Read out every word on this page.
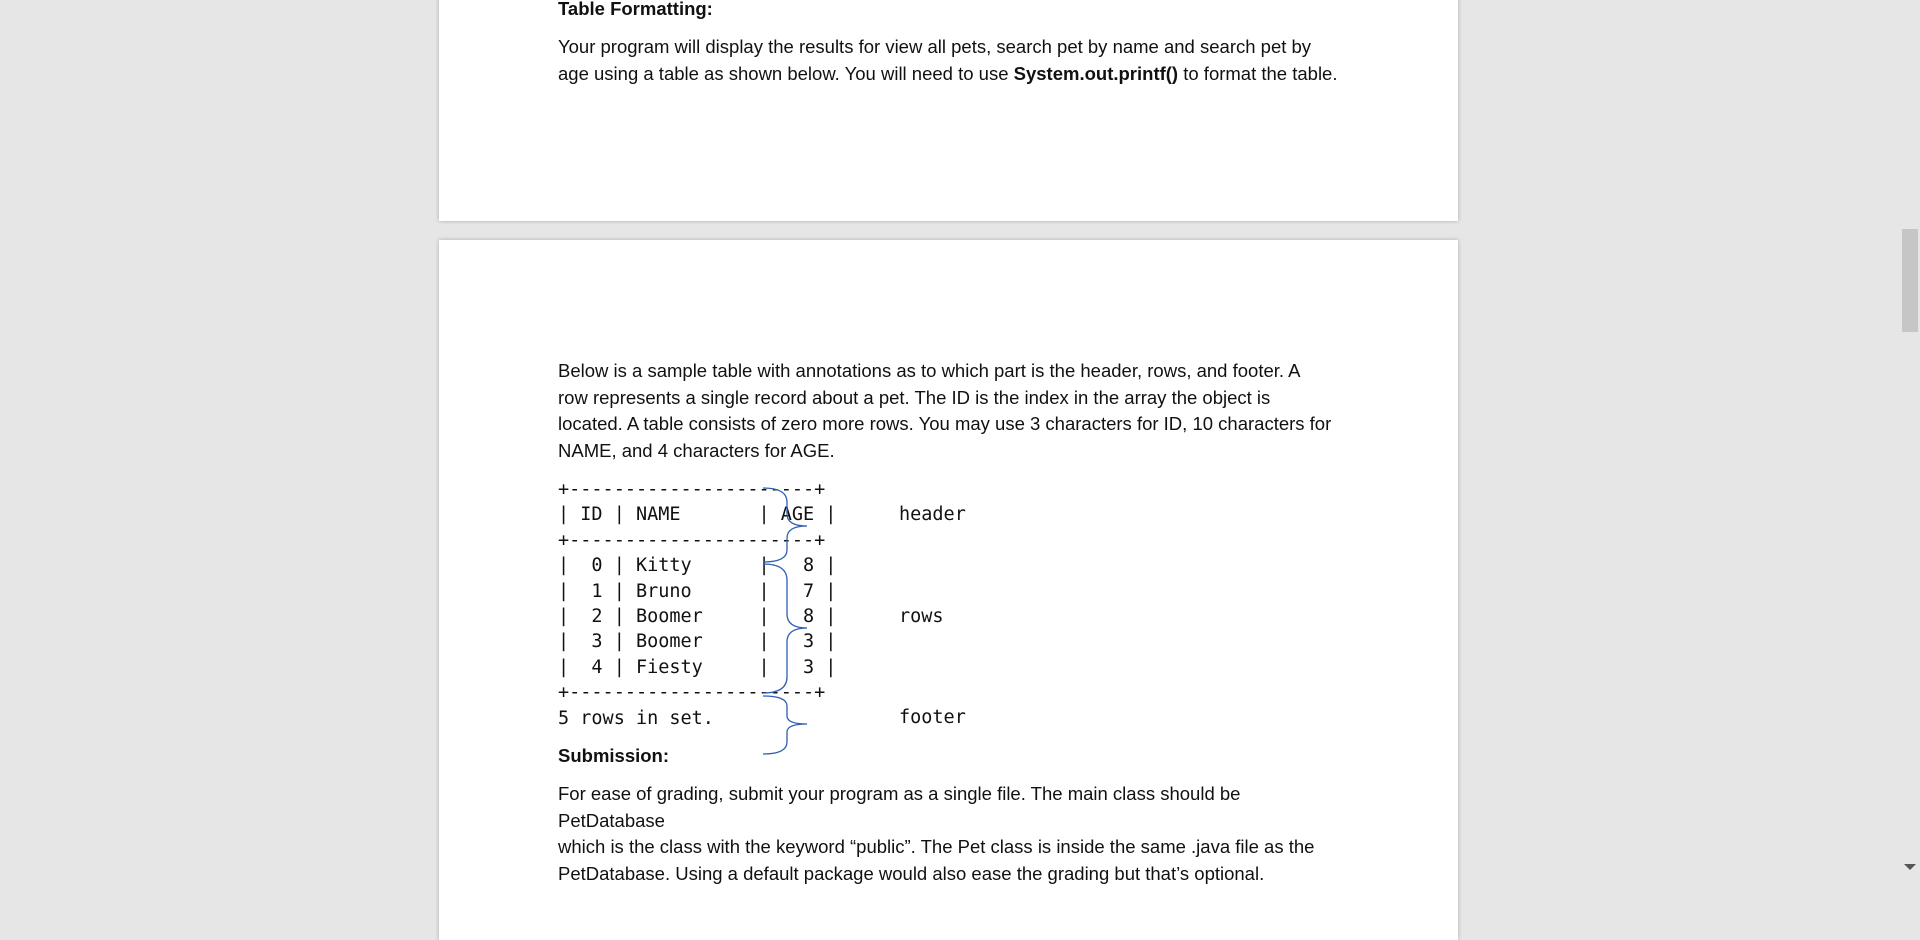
Table Formatting:

Your program will display the results for view all pets, search pet by name and search pet by

age using a table as shown below. You will need to use System.out.printf() to format the table.

Below is a sample table with annotations as to which part is the header, rows, and footer. A

row represents a single record about a pet. The ID is the index in the array the object is

located. A table consists of zero more rows. You may use 3 characters for ID, 10 characters for

NAME, and 4 characters for AGE.

+----------------------+
| ID | NAME       | AGE |
+----------------------+
|  0 | Kitty      |   8 |
|  1 | Bruno      |   7 |
|  2 | Boomer     |   8 |
|  3 | Boomer     |   3 |
|  4 | Fiesty     |   3 |
+----------------------+
5 rows in set.
header
rows
footer

Submission:

For ease of grading, submit your program as a single file. The main class should be PetDatabase

which is the class with the keyword “public”. The Pet class is inside the same .java file as the

PetDatabase. Using a default package would also ease the grading but that’s optional.
